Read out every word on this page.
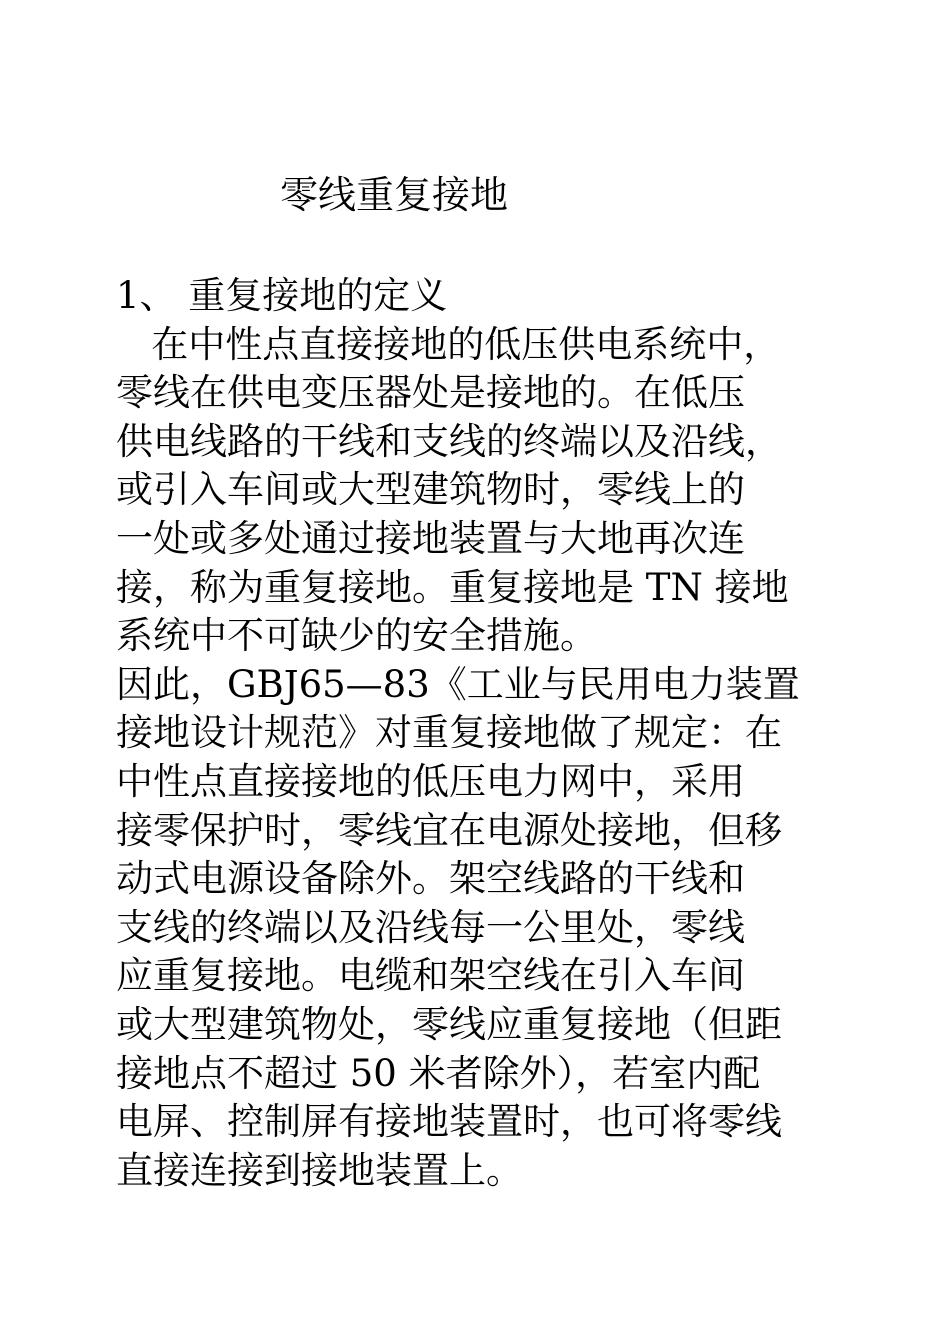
零线重复接地
1、 重复接地的定义
在中性点直接接地的低压供电系统中，
零线在供电变压器处是接地的。在低压
供电线路的干线和支线的终端以及沿线，
或引入车间或大型建筑物时，零线上的
一处或多处通过接地装置与大地再次连
接，称为重复接地。重复接地是 TN 接地
系统中不可缺少的安全措施。
因此，GBJ65—83《工业与民用电力装置
接地设计规范》对重复接地做了规定：在
中性点直接接地的低压电力网中，采用
接零保护时，零线宜在电源处接地，但移
动式电源设备除外。架空线路的干线和
支线的终端以及沿线每一公里处，零线
应重复接地。电缆和架空线在引入车间
或大型建筑物处，零线应重复接地（但距
接地点不超过 50 米者除外），若室内配
电屏、控制屏有接地装置时，也可将零线
直接连接到接地装置上。
